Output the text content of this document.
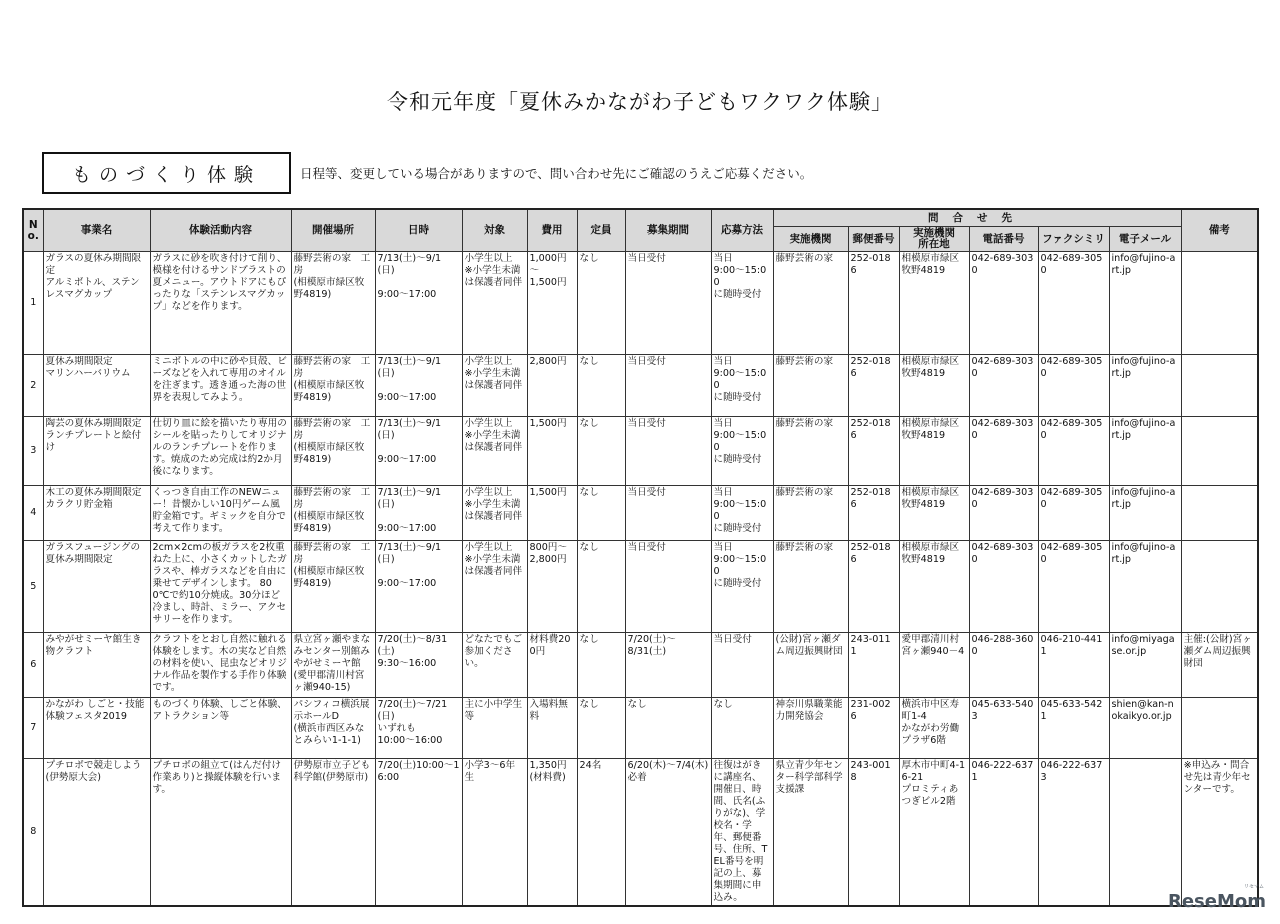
令和元年度「夏休みかながわ子どもワクワク体験」
ものづくり体験	日程等、変更している場合がありますので、問い合わせ先にご確認のうえご応募ください。
No.	事業名	体験活動内容	開催場所	日時	対象	費用	定員	募集期間	応募方法	問合せ先						備考
										実施機関	郵便番号	実施機関
所在地	電話番号	ファクシミリ	電子メール	
1	ガラスの夏休み期間限定
アルミボトル、ステンレスマグカップ	ガラスに砂を吹き付けて削り、模様を付けるサンドブラストの夏メニュー。アウトドアにもぴったりな「ステンレスマグカップ」などを作ります。	藤野芸術の家　工房
(相模原市緑区牧野4819)	7/13(土)～9/1
(日)

9:00～17:00	小学生以上
※小学生未満は保護者同伴	1,000円～
1,500円	なし	当日受付	当日
9:00～15:00
に随時受付	藤野芸術の家	252-0186	相模原市緑区
牧野4819	042-689-3030	042-689-3050	info@fujino-art.jp	
2	夏休み期間限定
マリンハーバリウム	ミニボトルの中に砂や貝殻、ビーズなどを入れて専用のオイルを注ぎます。透き通った海の世界を表現してみよう。	藤野芸術の家　工房
(相模原市緑区牧野4819)	7/13(土)～9/1
(日)

9:00～17:00	小学生以上
※小学生未満は保護者同伴	2,800円	なし	当日受付	当日
9:00～15:00
に随時受付	藤野芸術の家	252-0186	相模原市緑区
牧野4819	042-689-3030	042-689-3050	info@fujino-art.jp	
3	陶芸の夏休み期間限定
ランチプレートと絵付け	仕切り皿に絵を描いたり専用のシールを貼ったりしてオリジナルのランチプレートを作ります。焼成のため完成は約2か月後になります。	藤野芸術の家　工房
(相模原市緑区牧野4819)	7/13(土)～9/1
(日)

9:00～17:00	小学生以上
※小学生未満は保護者同伴	1,500円	なし	当日受付	当日
9:00～15:00
に随時受付	藤野芸術の家	252-0186	相模原市緑区
牧野4819	042-689-3030	042-689-3050	info@fujino-art.jp	
4	木工の夏休み期間限定
カラクリ貯金箱	くっつき自由工作のNEWニュー！昔懐かしい10円ゲーム風貯金箱です。ギミックを自分で考えて作ります。	藤野芸術の家　工房
(相模原市緑区牧野4819)	7/13(土)～9/1
(日)

9:00～17:00	小学生以上
※小学生未満は保護者同伴	1,500円	なし	当日受付	当日
9:00～15:00
に随時受付	藤野芸術の家	252-0186	相模原市緑区
牧野4819	042-689-3030	042-689-3050	info@fujino-art.jp	
5	ガラスフュージングの夏休み期間限定	2cm×2cmの板ガラスを2枚重ねた上に、小さくカットしたガラスや、棒ガラスなどを自由に乗せてデザインします。 800℃で約10分焼成。30分ほど冷まし、時計、ミラー、アクセサリーを作ります。	藤野芸術の家　工房
(相模原市緑区牧野4819)	7/13(土)～9/1
(日)

9:00～17:00	小学生以上
※小学生未満は保護者同伴	800円～
2,800円	なし	当日受付	当日
9:00～15:00
に随時受付	藤野芸術の家	252-0186	相模原市緑区
牧野4819	042-689-3030	042-689-3050	info@fujino-art.jp	
6	みやがせミーヤ館生き物クラフト	クラフトをとおし自然に触れる体験をします。木の実など自然の材料を使い、昆虫などオリジナル作品を製作する手作り体験です。	県立宮ヶ瀬やまなみセンター別館みやがせミーヤ館
(愛甲郡清川村宮ヶ瀬940-15)	7/20(土)～8/31
(土)
9:30～16:00	どなたでもご参加ください。	材料費200円	なし	7/20(土)～
8/31(土)	当日受付	(公財)宮ヶ瀬ダム周辺振興財団	243-0111	愛甲郡清川村宮ヶ瀬940－4	046-288-3600	046-210-4411	info@miyagase.or.jp	主催:(公財)宮ヶ瀬ダム周辺振興財団
7	かながわ しごと・技能体験フェスタ2019	ものづくり体験、しごと体験、アトラクション等	パシフィコ横浜展示ホールD
(横浜市西区みなとみらい1-1-1)	7/20(土)～7/21
(日)
いずれも
10:00～16:00	主に小中学生等	入場料無料	なし	なし	なし	神奈川県職業能力開発協会	231-0026	横浜市中区寿町1-4
かながわ労働プラザ6階	045-633-5403	045-633-5421	shien@kan-nokaikyo.or.jp	
8	プチロボで競走しよう
(伊勢原大会)	プチロボの組立て(はんだ付け作業あり)と操縦体験を行います。	伊勢原市立子ども科学館(伊勢原市)	7/20(土)10:00～16:00	小学3～6年生	1,350円
(材料費)	24名	6/20(木)～7/4(木)
必着	往復はがきに講座名、開催日、時間、氏名(ふりがな)、学校名・学年、郵便番号、住所、TEL番号を明記の上、募集期間に申込み。	県立青少年センター科学部科学支援課	243-0018	厚木市中町4-16-21
プロミティあつぎビル2階	046-222-6371	046-222-6373		※申込み・問合せ先は青少年センターです。
ReseMom
リセマム
